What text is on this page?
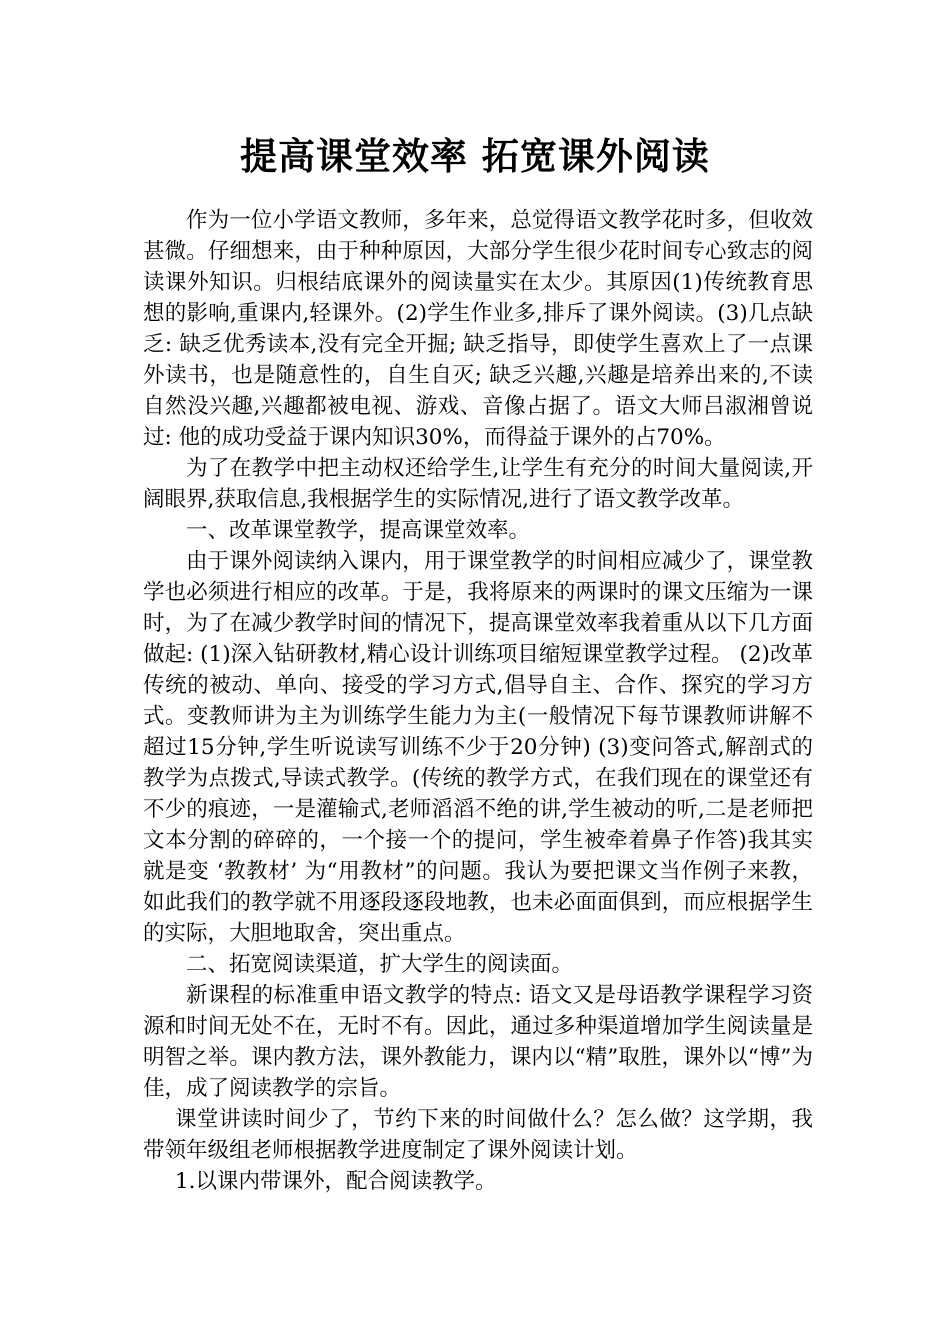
提高课堂效率 拓宽课外阅读

作为一位小学语文教师，多年来，总觉得语文教学花时多，但收效甚微。仔细想来，由于种种原因，大部分学生很少花时间专心致志的阅读课外知识。归根结底课外的阅读量实在太少。其原因(1)传统教育思想的影响,重课内,轻课外。(2)学生作业多,排斥了课外阅读。(3)几点缺乏: 缺乏优秀读本,没有完全开掘; 缺乏指导，即使学生喜欢上了一点课外读书，也是随意性的，自生自灭; 缺乏兴趣,兴趣是培养出来的,不读自然没兴趣,兴趣都被电视、游戏、音像占据了。语文大师吕淑湘曾说过: 他的成功受益于课内知识30%，而得益于课外的占70%。

为了在教学中把主动权还给学生,让学生有充分的时间大量阅读,开阔眼界,获取信息,我根据学生的实际情况,进行了语文教学改革。

一、改革课堂教学，提高课堂效率。

由于课外阅读纳入课内，用于课堂教学的时间相应减少了，课堂教学也必须进行相应的改革。于是，我将原来的两课时的课文压缩为一课时，为了在减少教学时间的情况下，提高课堂效率我着重从以下几方面做起: (1)深入钻研教材,精心设计训练项目缩短课堂教学过程。 (2)改革传统的被动、单向、接受的学习方式,倡导自主、合作、探究的学习方式。变教师讲为主为训练学生能力为主(一般情况下每节课教师讲解不超过15分钟,学生听说读写训练不少于20分钟) (3)变问答式,解剖式的教学为点拨式,导读式教学。(传统的教学方式，在我们现在的课堂还有不少的痕迹，一是灌输式,老师滔滔不绝的讲,学生被动的听,二是老师把文本分割的碎碎的，一个接一个的提问，学生被牵着鼻子作答)我其实就是变 ‘教教材’ 为“用教材”的问题。我认为要把课文当作例子来教，如此我们的教学就不用逐段逐段地教，也未必面面俱到，而应根据学生的实际，大胆地取舍，突出重点。

二、拓宽阅读渠道，扩大学生的阅读面。

新课程的标准重申语文教学的特点: 语文又是母语教学课程学习资源和时间无处不在，无时不有。因此，通过多种渠道增加学生阅读量是明智之举。课内教方法，课外教能力，课内以“精”取胜，课外以“博”为佳，成了阅读教学的宗旨。

课堂讲读时间少了，节约下来的时间做什么？怎么做？这学期，我带领年级组老师根据教学进度制定了课外阅读计划。

1.以课内带课外，配合阅读教学。
